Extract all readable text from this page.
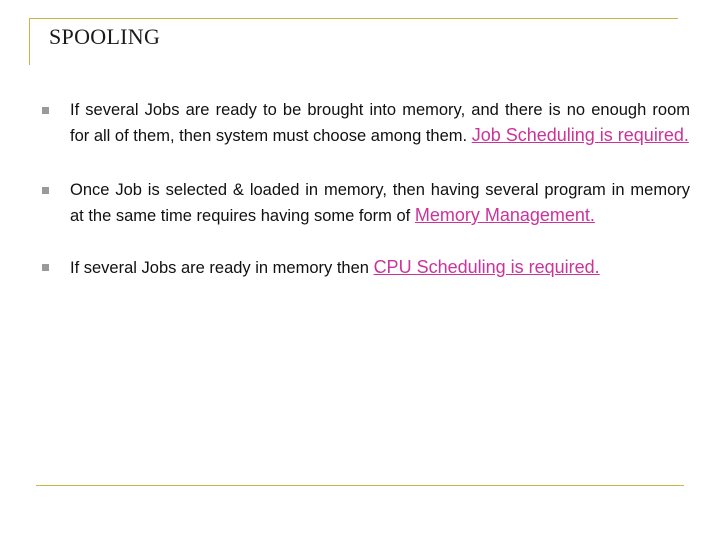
SPOOLING
If several Jobs are ready to be brought into memory, and there is no enough room for all of them, then system must choose among them. Job Scheduling is required.
Once Job is selected & loaded in memory, then having several program in memory at the same time requires having some form of Memory Management.
If several Jobs are ready in memory then CPU Scheduling is required.
